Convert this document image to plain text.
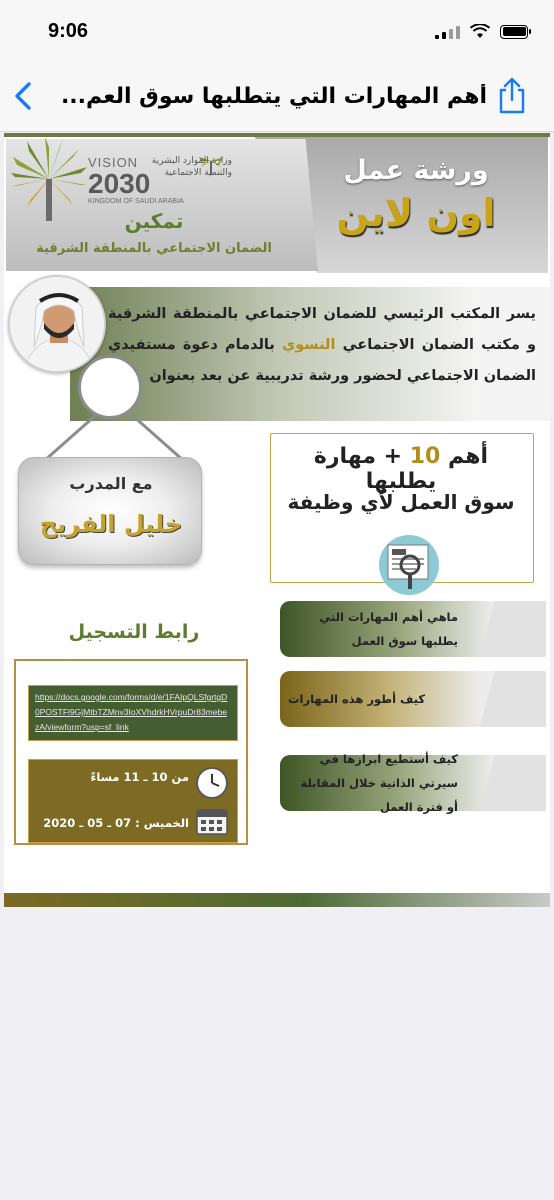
9:06
أهم المهارات التي يتطلبها سوق العم...
VISION
2030
KINGDOM OF SAUDI ARABIA
وزارة الموارد البشرية والتنمية الاجتماعية
تمكين
الضمان الاجتماعي بالمنطقة الشرقية
ورشة عمل
اون لاين
يسر المكتب الرئيسي للضمان الاجتماعي بالمنطقة الشرقية و مكتب الضمان الاجتماعي النسوي بالدمام دعوة مستفيدي الضمان الاجتماعي لحضور ورشة تدريبية عن بعد بعنوان
مع المدرب
خليل الفريح
أهم 10 + مهارة يطلبها
سوق العمل لأي وظيفة
ماهي أهم المهارات التي يطلبها سوق العمل
كيف أطور هذه المهارات
كيف أستطيع ابرازها في سيرتي الذاتية خلال المقابلة أو فترة العمل
رابط التسجيل
https://docs.google.com/forms/d/e/1FAIpQLSfgrtgD0POSTFl9GjMtbTZMnv3IoXVhdrkHVrpuDr83mebezA/viewform?usp=sf_link
من 10 ـ 11 مساءً
الخميس : 07 ـ 05 ـ 2020
